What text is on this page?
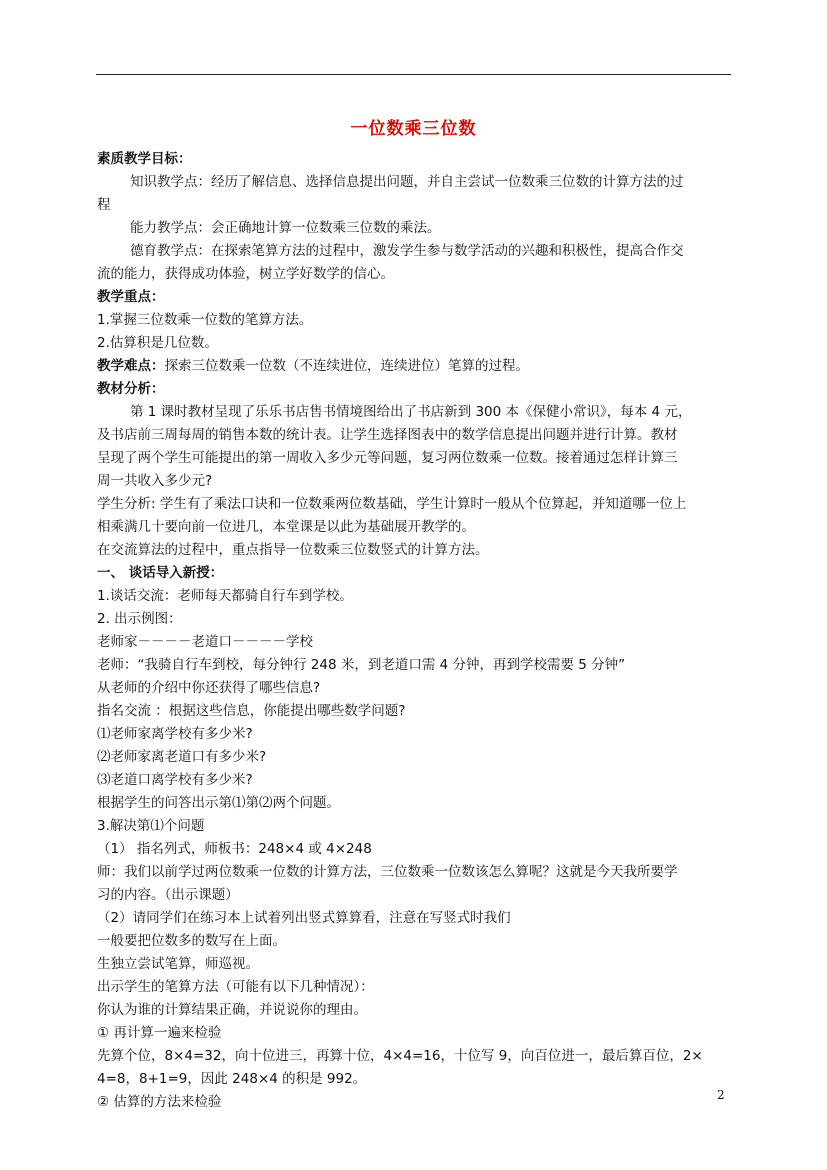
一位数乘三位数

素质教学目标：

知识教学点：经历了解信息、选择信息提出问题，并自主尝试一位数乘三位数的计算方法的过

程

能力教学点：会正确地计算一位数乘三位数的乘法。

德育教学点：在探索笔算方法的过程中，激发学生参与数学活动的兴趣和积极性，提高合作交

流的能力，获得成功体验，树立学好数学的信心。

教学重点：

1.掌握三位数乘一位数的笔算方法。

2.估算积是几位数。

教学难点：探索三位数乘一位数（不连续进位，连续进位）笔算的过程。

教材分析：

第 1 课时教材呈现了乐乐书店售书情境图给出了书店新到 300 本《保健小常识》，每本 4 元，

及书店前三周每周的销售本数的统计表。让学生选择图表中的数学信息提出问题并进行计算。教材

呈现了两个学生可能提出的第一周收入多少元等问题，复习两位数乘一位数。接着通过怎样计算三

周一共收入多少元?

学生分析: 学生有了乘法口诀和一位数乘两位数基础，学生计算时一般从个位算起，并知道哪一位上

相乘满几十要向前一位进几，本堂课是以此为基础展开教学的。

在交流算法的过程中，重点指导一位数乘三位数竖式的计算方法。

一、 谈话导入新授：

1.谈话交流：老师每天都骑自行车到学校。

2. 出示例图：

老师家－－－－老道口－－－－学校

老师：“我骑自行车到校，每分钟行 248 米，到老道口需 4 分钟，再到学校需要 5 分钟”

从老师的介绍中你还获得了哪些信息?

指名交流 ：根据这些信息，你能提出哪些数学问题?

⑴老师家离学校有多少米?

⑵老师家离老道口有多少米?

⑶老道口离学校有多少米?

根据学生的问答出示第⑴第⑵两个问题。

3.解决第⑴个问题

（1） 指名列式，师板书：248×4 或 4×248

师：我们以前学过两位数乘一位数的计算方法，三位数乘一位数该怎么算呢？这就是今天我所要学

习的内容。（出示课题）

（2）请同学们在练习本上试着列出竖式算算看，注意在写竖式时我们

一般要把位数多的数写在上面。

生独立尝试笔算，师巡视。

出示学生的笔算方法（可能有以下几种情况）：

你认为谁的计算结果正确，并说说你的理由。

① 再计算一遍来检验

先算个位，8×4=32，向十位进三，再算十位，4×4=16，十位写 9，向百位进一，最后算百位，2×

4=8，8+1=9，因此 248×4 的积是 992。

② 估算的方法来检验	2
